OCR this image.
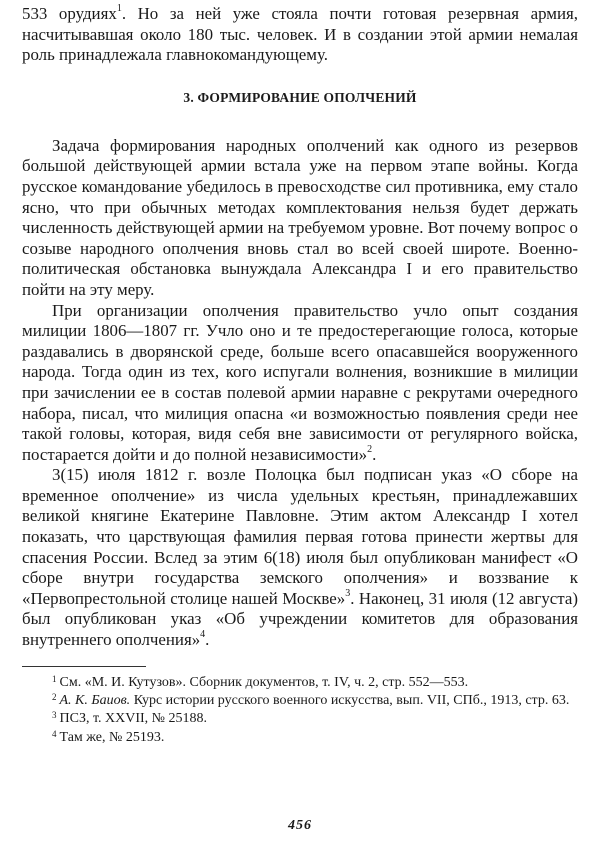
533 орудиях$^1$. Но за ней уже стояла почти готовая резервная армия, насчитывавшая около 180 тыс. человек. И в создании этой армии немалая роль принадлежала главнокомандующему.

3. ФОРМИРОВАНИЕ ОПОЛЧЕНИЙ

Задача формирования народных ополчений как одного из резервов большой действующей армии встала уже на первом этапе войны. Когда русское командование убедилось в превосходстве сил противника, ему стало ясно, что при обычных методах комплектования нельзя будет держать численность действующей армии на требуемом уровне. Вот почему вопрос о созыве народного ополчения вновь стал во всей своей широте. Военно-политическая обстановка вынуждала Александра I и его правительство пойти на эту меру.

При организации ополчения правительство учло опыт создания милиции 1806—1807 гг. Учло оно и те предостерегающие голоса, которые раздавались в дворянской среде, больше всего опасавшейся вооруженного народа. Тогда один из тех, кого испугали волнения, возникшие в милиции при зачислении ее в состав полевой армии наравне с рекрутами очередного набора, писал, что милиция опасна «и возможностью появления среди нее такой головы, которая, видя себя вне зависимости от регулярного войска, постарается дойти и до полной независимости»$^2$.

3(15) июля 1812 г. возле Полоцка был подписан указ «О сборе на временное ополчение» из числа удельных крестьян, принадлежавших великой княгине Екатерине Павловне. Этим актом Александр I хотел показать, что царствующая фамилия первая готова принести жертвы для спасения России. Вслед за этим 6(18) июля был опубликован манифест «О сборе внутри государства земского ополчения» и воззвание к «Первопрестольной столице нашей Москве»$^3$. Наконец, 31 июля (12 августа) был опубликован указ «Об учреждении комитетов для образования внутреннего ополчения»$^4$.

$^1$ См. «М. И. Кутузов». Сборник документов, т. IV, ч. 2, стр. 552—553.
$^2$ А. К. Баиов. Курс истории русского военного искусства, вып. VII, СПб., 1913, стр. 63.
$^3$ ПСЗ, т. XXVII, № 25188.
$^4$ Там же, № 25193.
456
